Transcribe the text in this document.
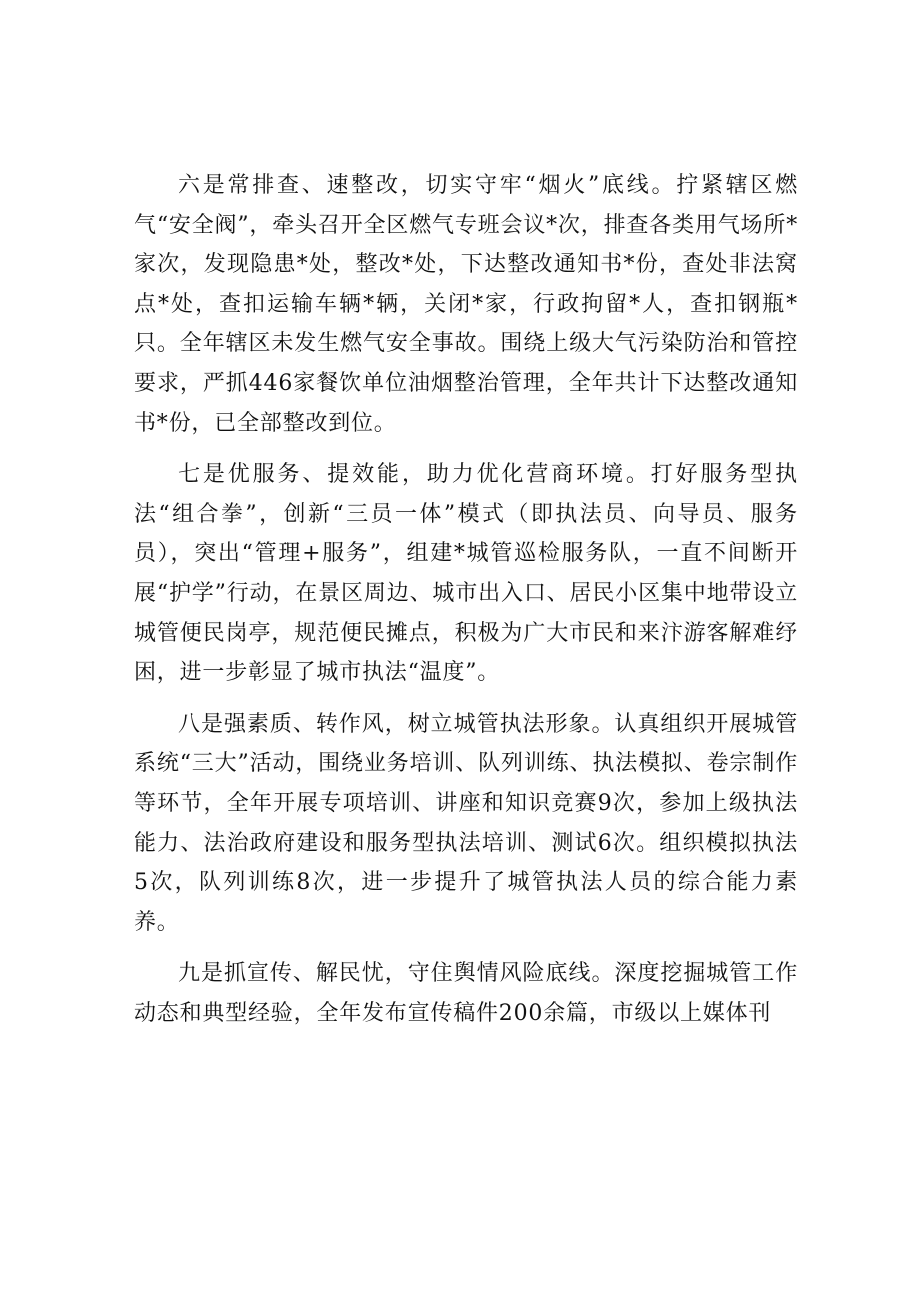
六是常排查、速整改，切实守牢“烟火”底线。拧紧辖区燃气“安全阀”，牵头召开全区燃气专班会议*次，排查各类用气场所*家次，发现隐患*处，整改*处，下达整改通知书*份，查处非法窝点*处，查扣运输车辆*辆，关闭*家，行政拘留*人，查扣钢瓶*只。全年辖区未发生燃气安全事故。围绕上级大气污染防治和管控要求，严抓446家餐饮单位油烟整治管理，全年共计下达整改通知书*份，已全部整改到位。

七是优服务、提效能，助力优化营商环境。打好服务型执法“组合拳”，创新“三员一体”模式（即执法员、向导员、服务员），突出“管理+服务”，组建*城管巡检服务队，一直不间断开展“护学”行动，在景区周边、城市出入口、居民小区集中地带设立城管便民岗亭，规范便民摊点，积极为广大市民和来汴游客解难纾困，进一步彰显了城市执法“温度”。

八是强素质、转作风，树立城管执法形象。认真组织开展城管系统“三大”活动，围绕业务培训、队列训练、执法模拟、卷宗制作等环节，全年开展专项培训、讲座和知识竞赛9次，参加上级执法能力、法治政府建设和服务型执法培训、测试6次。组织模拟执法5次，队列训练8次，进一步提升了城管执法人员的综合能力素养。

九是抓宣传、解民忧，守住舆情风险底线。深度挖掘城管工作动态和典型经验，全年发布宣传稿件200余篇，市级以上媒体刊
